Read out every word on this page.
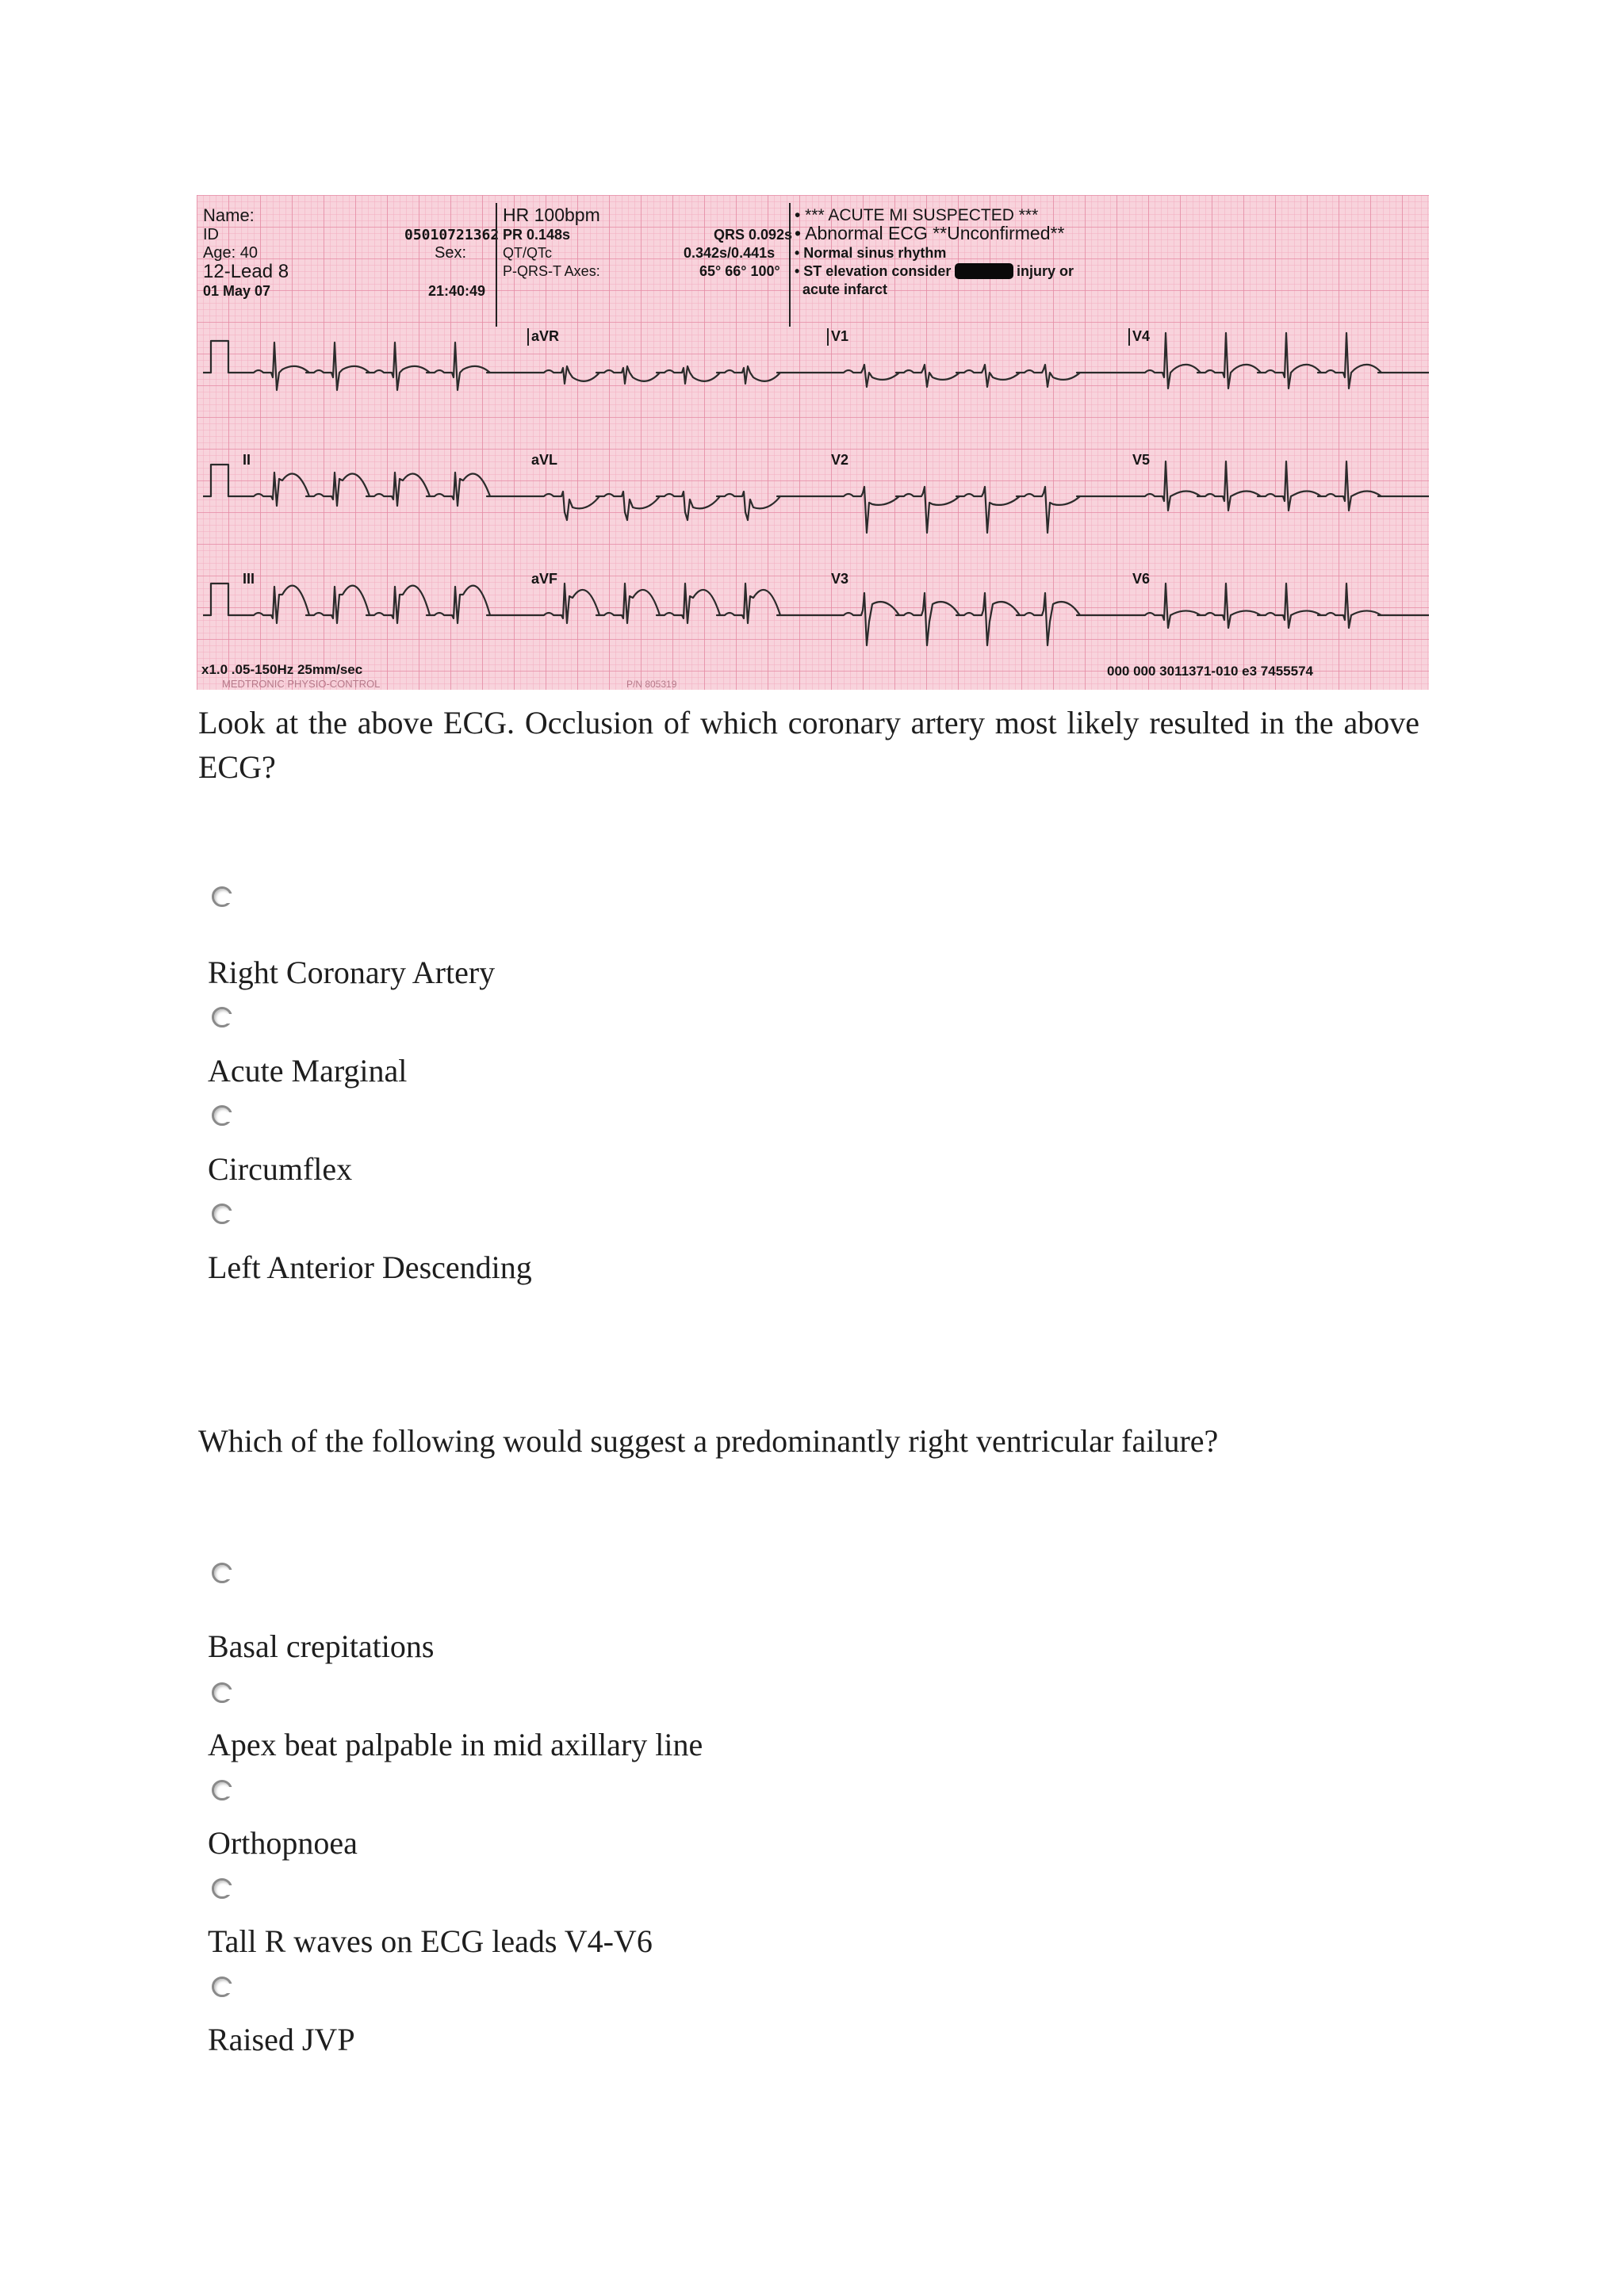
Name:
ID	05010721362
Age: 40	Sex:
12-Lead 8
01 May 07	21:40:49
HR 100bpm
PR 0.148s
QT/QTc
P-QRS-T Axes:
QRS 0.092s
0.342s/0.441s
65° 66° 100°
• *** ACUTE MI SUSPECTED ***
• Abnormal ECG **Unconfirmed**
• Normal sinus rhythm
• ST elevation consider	injury or
acute infarct
aVR	V1	V4
II	aVL	V2	V5
III	aVF	V3	V6
x1.0 .05-150Hz 25mm/sec
MEDTRONIC PHYSIO-CONTROL	P/N 805319
000 000 3011371-010 e3 7455574
Look at the above ECG. Occlusion of which coronary artery most likely resulted in the above ECG?
Right Coronary Artery
Acute Marginal
Circumflex
Left Anterior Descending
Which of the following would suggest a predominantly right ventricular failure?
Basal crepitations
Apex beat palpable in mid axillary line
Orthopnoea
Tall R waves on ECG leads V4-V6
Raised JVP
